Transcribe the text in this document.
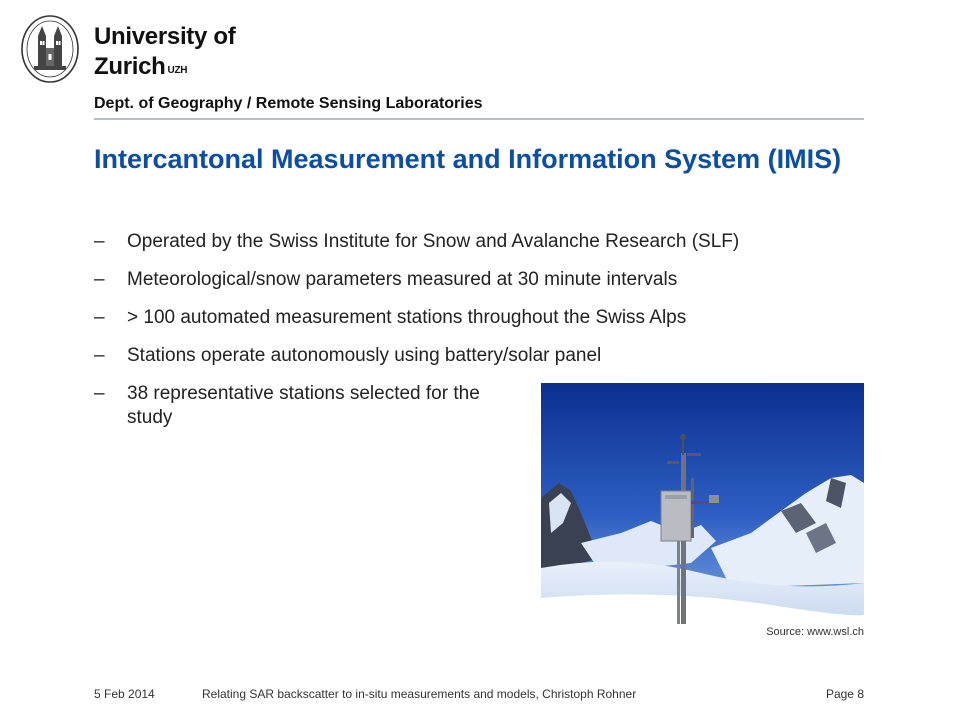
University of
Zurich $^{UZH}$
Dept. of Geography / Remote Sensing Laboratories
Intercantonal Measurement and Information System (IMIS)
– Operated by the Swiss Institute for Snow and Avalanche Research (SLF)
– Meteorological/snow parameters measured at 30 minute intervals
– > 100 automated measurement stations throughout the Swiss Alps
– Stations operate autonomously using battery/solar panel
– 38 representative stations selected for the study
Source: www.wsl.ch
5 Feb 2014	Relating SAR backscatter to in-situ measurements and models, Christoph Rohner	Page 8
